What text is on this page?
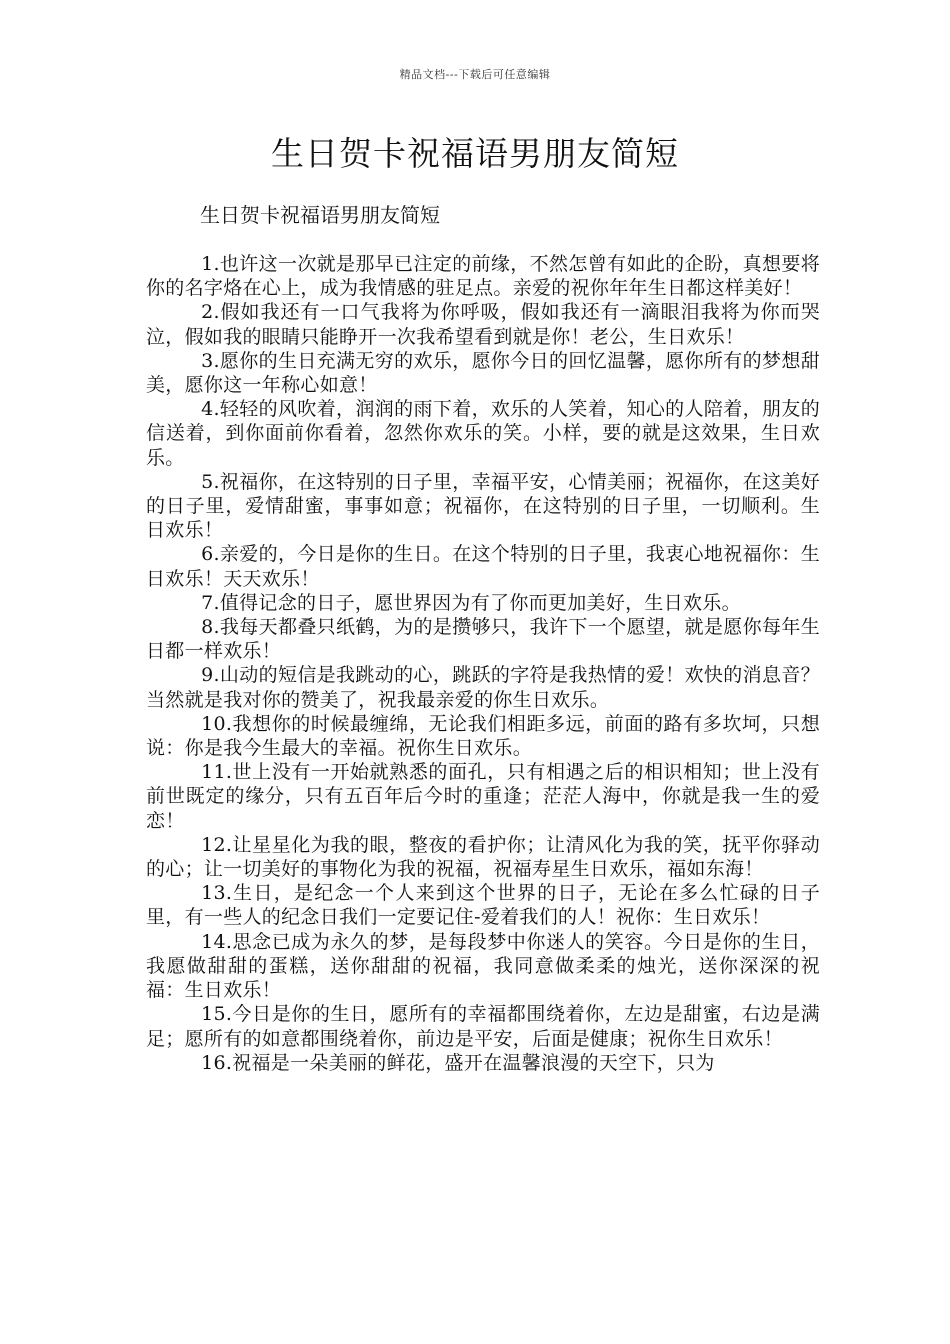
精品文档---下载后可任意编辑
生日贺卡祝福语男朋友简短

生日贺卡祝福语男朋友简短

1.也许这一次就是那早已注定的前缘，不然怎曾有如此的企盼，真想要将你的名字烙在心上，成为我情感的驻足点。亲爱的祝你年年生日都这样美好！

2.假如我还有一口气我将为你呼吸，假如我还有一滴眼泪我将为你而哭泣，假如我的眼睛只能睁开一次我希望看到就是你！老公，生日欢乐！

3.愿你的生日充满无穷的欢乐，愿你今日的回忆温馨，愿你所有的梦想甜美，愿你这一年称心如意！

4.轻轻的风吹着，润润的雨下着，欢乐的人笑着，知心的人陪着，朋友的信送着，到你面前你看着，忽然你欢乐的笑。小样，要的就是这效果，生日欢乐。

5.祝福你，在这特别的日子里，幸福平安，心情美丽；祝福你，在这美好的日子里，爱情甜蜜，事事如意；祝福你，在这特别的日子里，一切顺利。生日欢乐！

6.亲爱的，今日是你的生日。在这个特别的日子里，我衷心地祝福你：生日欢乐！天天欢乐！

7.值得记念的日子，愿世界因为有了你而更加美好，生日欢乐。

8.我每天都叠只纸鹤，为的是攒够只，我许下一个愿望，就是愿你每年生日都一样欢乐！

9.山动的短信是我跳动的心，跳跃的字符是我热情的爱！欢快的消息音？当然就是我对你的赞美了，祝我最亲爱的你生日欢乐。

10.我想你的时候最缠绵，无论我们相距多远，前面的路有多坎坷，只想说：你是我今生最大的幸福。祝你生日欢乐。

11.世上没有一开始就熟悉的面孔，只有相遇之后的相识相知；世上没有前世既定的缘分，只有五百年后今时的重逢；茫茫人海中，你就是我一生的爱恋！

12.让星星化为我的眼，整夜的看护你；让清风化为我的笑，抚平你驿动的心；让一切美好的事物化为我的祝福，祝福寿星生日欢乐，福如东海！

13.生日，是纪念一个人来到这个世界的日子，无论在多么忙碌的日子里，有一些人的纪念日我们一定要记住-爱着我们的人！祝你：生日欢乐！

14.思念已成为永久的梦，是每段梦中你迷人的笑容。今日是你的生日，我愿做甜甜的蛋糕，送你甜甜的祝福，我同意做柔柔的烛光，送你深深的祝福：生日欢乐！

15.今日是你的生日，愿所有的幸福都围绕着你，左边是甜蜜，右边是满足；愿所有的如意都围绕着你，前边是平安，后面是健康；祝你生日欢乐！

16.祝福是一朵美丽的鲜花，盛开在温馨浪漫的天空下，只为
